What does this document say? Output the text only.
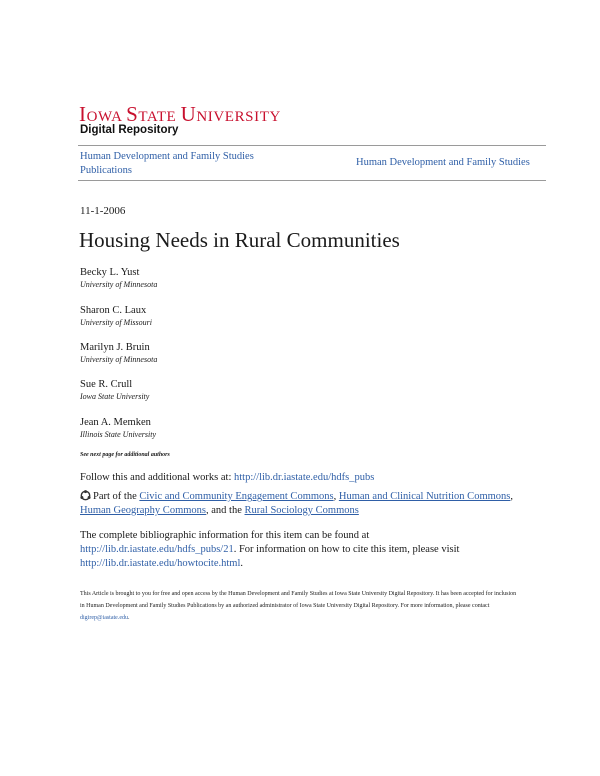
IOWA STATE UNIVERSITY
Digital Repository
Human Development and Family Studies Publications
Human Development and Family Studies
11-1-2006
Housing Needs in Rural Communities
Becky L. Yust
University of Minnesota
Sharon C. Laux
University of Missouri
Marilyn J. Bruin
University of Minnesota
Sue R. Crull
Iowa State University
Jean A. Memken
Illinois State University
See next page for additional authors
Follow this and additional works at: http://lib.dr.iastate.edu/hdfs_pubs
Part of the Civic and Community Engagement Commons, Human and Clinical Nutrition Commons, Human Geography Commons, and the Rural Sociology Commons
The complete bibliographic information for this item can be found at http://lib.dr.iastate.edu/hdfs_pubs/21. For information on how to cite this item, please visit http://lib.dr.iastate.edu/howtocite.html.
This Article is brought to you for free and open access by the Human Development and Family Studies at Iowa State University Digital Repository. It has been accepted for inclusion in Human Development and Family Studies Publications by an authorized administrator of Iowa State University Digital Repository. For more information, please contact digirep@iastate.edu.
